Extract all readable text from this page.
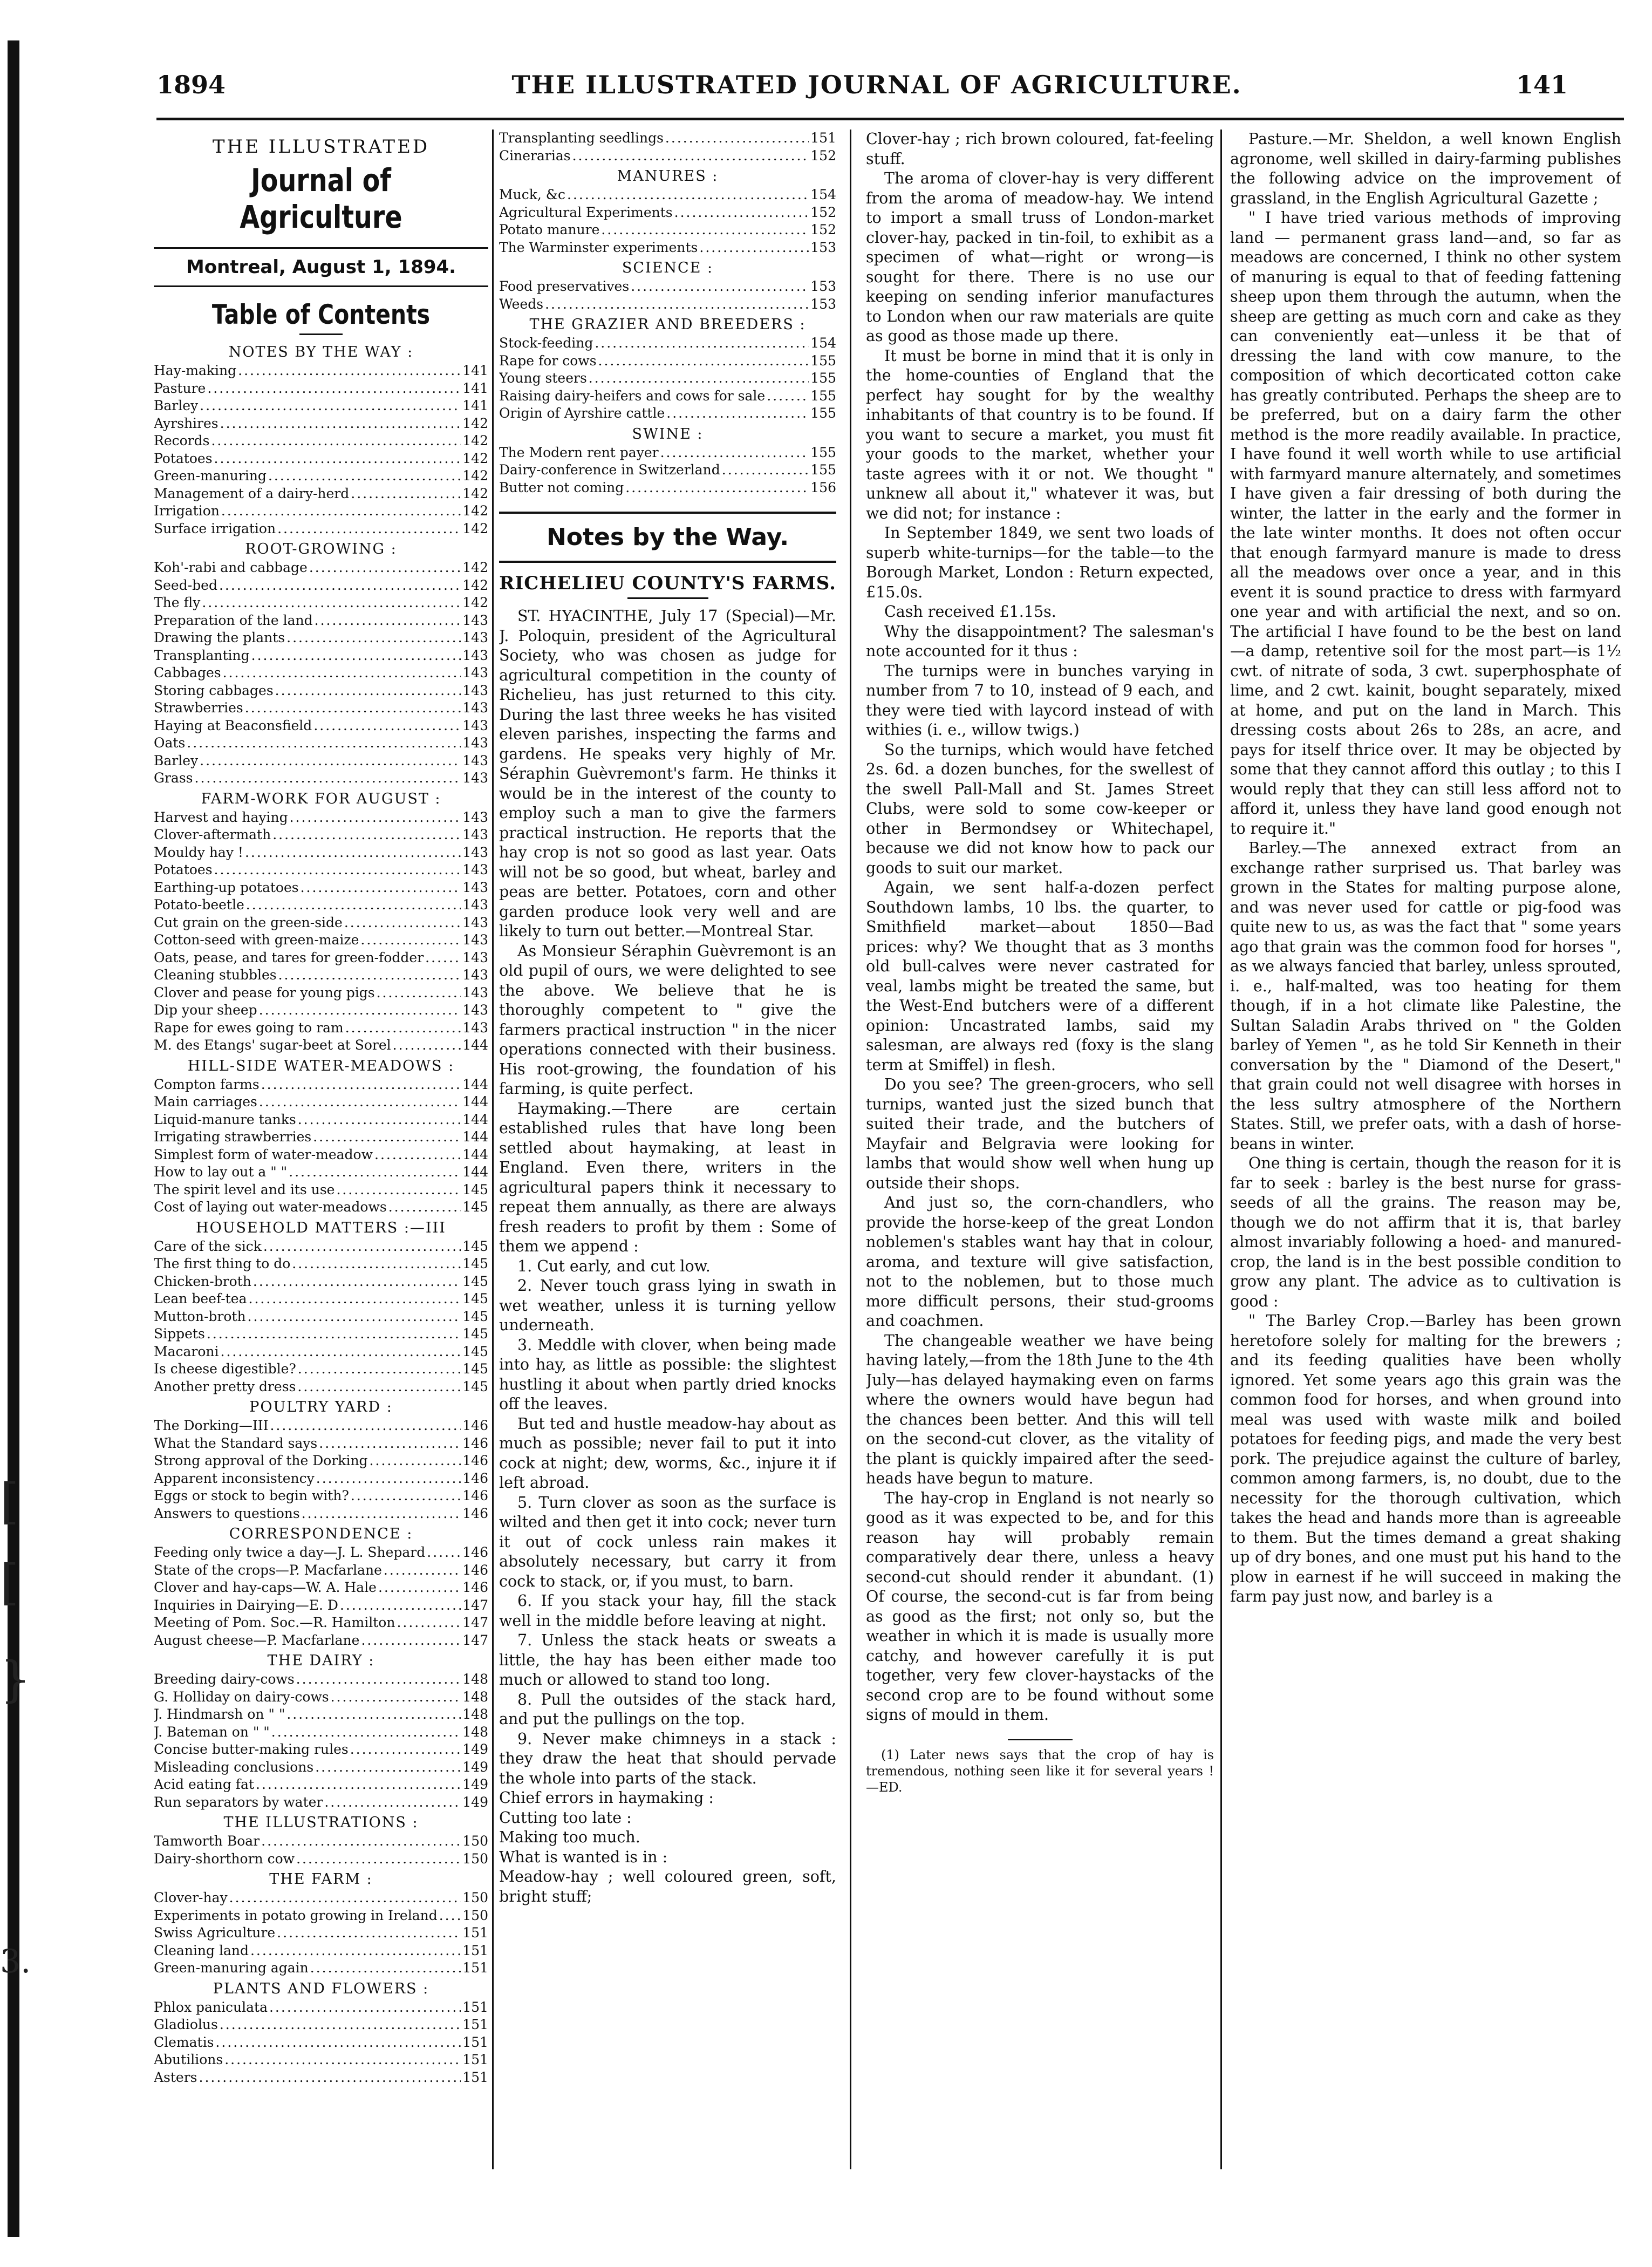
[
[
}
3.
1894	THE ILLUSTRATED JOURNAL OF AGRICULTURE.	141
THE ILLUSTRATED
Journal of Agriculture
Montreal, August 1, 1894.
Table of Contents
NOTES BY THE WAY :
Hay-making .....	141
Pasture .....	141
Barley .....	141
Ayrshires .....	142
Records .....	142
Potatoes .....	142
Green-manuring .....	142
Management of a dairy-herd .....	142
Irrigation .....	142
Surface irrigation .....	142
ROOT-GROWING :
Koh'-rabi and cabbage .....	142
Seed-bed .....	142
The fly .....	142
Preparation of the land .....	143
Drawing the plants .....	143
Transplanting .....	143
Cabbages .....	143
Storing cabbages .....	143
Strawberries .....	143
Haying at Beaconsfield .....	143
Oats .....	143
Barley .....	143
Grass .....	143
FARM-WORK FOR AUGUST :
Harvest and haying .....	143
Clover-aftermath .....	143
Mouldy hay ! .....	143
Potatoes .....	143
Earthing-up potatoes .....	143
Potato-beetle .....	143
Cut grain on the green-side .....	143
Cotton-seed with green-maize .....	143
Oats, pease, and tares for green-fodder .....	143
Cleaning stubbles .....	143
Clover and pease for young pigs .....	143
Dip your sheep .....	143
Rape for ewes going to ram .....	143
M. des Etangs' sugar-beet at Sorel .....	144
HILL-SIDE WATER-MEADOWS :
Compton farms .....	144
Main carriages .....	144
Liquid-manure tanks .....	144
Irrigating strawberries .....	144
Simplest form of water-meadow .....	144
How to lay out a " " .....	144
The spirit level and its use .....	145
Cost of laying out water-meadows .....	145
HOUSEHOLD MATTERS :—III
Care of the sick .....	145
The first thing to do .....	145
Chicken-broth .....	145
Lean beef-tea .....	145
Mutton-broth .....	145
Sippets .....	145
Macaroni .....	145
Is cheese digestible? .....	145
Another pretty dress .....	145
POULTRY YARD :
The Dorking—III .....	146
What the Standard says .....	146
Strong approval of the Dorking .....	146
Apparent inconsistency .....	146
Eggs or stock to begin with? .....	146
Answers to questions .....	146
CORRESPONDENCE :
Feeding only twice a day—J. L. Shepard .....	146
State of the crops—P. Macfarlane .....	146
Clover and hay-caps—W. A. Hale .....	146
Inquiries in Dairying—E. D .....	147
Meeting of Pom. Soc.—R. Hamilton .....	147
August cheese—P. Macfarlane .....	147
THE DAIRY :
Breeding dairy-cows .....	148
G. Holliday on dairy-cows .....	148
J. Hindmarsh on " " .....	148
J. Bateman on " " .....	148
Concise butter-making rules .....	149
Misleading conclusions .....	149
Acid eating fat .....	149
Run separators by water .....	149
THE ILLUSTRATIONS :
Tamworth Boar .....	150
Dairy-shorthorn cow .....	150
THE FARM :
Clover-hay .....	150
Experiments in potato growing in Ireland ..... 150
Swiss Agriculture .....	151
Cleaning land .....	151
Green-manuring again .....	151
PLANTS AND FLOWERS :
Phlox paniculata .....	151
Gladiolus .....	151
Clematis .....	151
Abutilions .....	151
Asters .....	151
Transplanting seedlings .....	151
Cinerarias .....	152
MANURES :
Muck, &c .....	154
Agricultural Experiments .....	152
Potato manure .....	152
The Warminster experiments .....	153
SCIENCE :
Food preservatives .....	153
Weeds .....	153
THE GRAZIER AND BREEDERS :
Stock-feeding .....	154
Rape for cows .....	155
Young steers .....	155
Raising dairy-heifers and cows for sale .....	155
Origin of Ayrshire cattle .....	155
SWINE :
The Modern rent payer .....	155
Dairy-conference in Switzerland .....	155
Butter not coming .....	156
Notes by the Way.
RICHELIEU COUNTY'S FARMS.

ST. HYACINTHE, July 17 (Special)—Mr. J. Poloquin, president of the Agricultural Society, who was chosen as judge for agricultural competition in the county of Richelieu, has just returned to this city. During the last three weeks he has visited eleven parishes, inspecting the farms and gardens. He speaks very highly of Mr. Séraphin Guèvremont's farm. He thinks it would be in the interest of the county to employ such a man to give the farmers practical instruction. He reports that the hay crop is not so good as last year. Oats will not be so good, but wheat, barley and peas are better. Potatoes, corn and other garden produce look very well and are likely to turn out better.—Montreal Star.

As Monsieur Séraphin Guèvremont is an old pupil of ours, we were delighted to see the above. We believe that he is thoroughly competent to " give the farmers practical instruction " in the nicer operations connected with their business. His root-growing, the foundation of his farming, is quite perfect.

Haymaking.—There are certain established rules that have long been settled about haymaking, at least in England. Even there, writers in the agricultural papers think it necessary to repeat them annually, as there are always fresh readers to profit by them : Some of them we append :

1. Cut early, and cut low.

2. Never touch grass lying in swath in wet weather, unless it is turning yellow underneath.

3. Meddle with clover, when being made into hay, as little as possible: the slightest hustling it about when partly dried knocks off the leaves.

But ted and hustle meadow-hay about as much as possible; never fail to put it into cock at night; dew, worms, &c., injure it if left abroad.

5. Turn clover as soon as the surface is wilted and then get it into cock; never turn it out of cock unless rain makes it absolutely necessary, but carry it from cock to stack, or, if you must, to barn.

6. If you stack your hay, fill the stack well in the middle before leaving at night.

7. Unless the stack heats or sweats a little, the hay has been either made too much or allowed to stand too long.

8. Pull the outsides of the stack hard, and put the pullings on the top.

9. Never make chimneys in a stack : they draw the heat that should pervade the whole into parts of the stack.

Chief errors in haymaking :

Cutting too late :

Making too much.

What is wanted is in :

Meadow-hay ; well coloured green, soft, bright stuff;

Clover-hay ; rich brown coloured, fat-feeling stuff.

The aroma of clover-hay is very different from the aroma of meadow-hay. We intend to import a small truss of London-market clover-hay, packed in tin-foil, to exhibit as a specimen of what—right or wrong—is sought for there. There is no use our keeping on sending inferior manufactures to London when our raw materials are quite as good as those made up there.

It must be borne in mind that it is only in the home-counties of England that the perfect hay sought for by the wealthy inhabitants of that country is to be found. If you want to secure a market, you must fit your goods to the market, whether your taste agrees with it or not. We thought " unknew all about it," whatever it was, but we did not; for instance :

In September 1849, we sent two loads of superb white-turnips—for the table—to the Borough Market, London : Return expected, £15.0s.

Cash received £1.15s.

Why the disappointment? The salesman's note accounted for it thus :

The turnips were in bunches varying in number from 7 to 10, instead of 9 each, and they were tied with laycord instead of with withies (i. e., willow twigs.)

So the turnips, which would have fetched 2s. 6d. a dozen bunches, for the swellest of the swell Pall-Mall and St. James Street Clubs, were sold to some cow-keeper or other in Bermondsey or Whitechapel, because we did not know how to pack our goods to suit our market.

Again, we sent half-a-dozen perfect Southdown lambs, 10 lbs. the quarter, to Smithfield market—about 1850—Bad prices: why? We thought that as 3 months old bull-calves were never castrated for veal, lambs might be treated the same, but the West-End butchers were of a different opinion: Uncastrated lambs, said my salesman, are always red (foxy is the slang term at Smiffel) in flesh.

Do you see? The green-grocers, who sell turnips, wanted just the sized bunch that suited their trade, and the butchers of Mayfair and Belgravia were looking for lambs that would show well when hung up outside their shops.

And just so, the corn-chandlers, who provide the horse-keep of the great London noblemen's stables want hay that in colour, aroma, and texture will give satisfaction, not to the noblemen, but to those much more difficult persons, their stud-grooms and coachmen.

The changeable weather we have being having lately,—from the 18th June to the 4th July—has delayed haymaking even on farms where the owners would have begun had the chances been better. And this will tell on the second-cut clover, as the vitality of the plant is quickly impaired after the seed-heads have begun to mature.

The hay-crop in England is not nearly so good as it was expected to be, and for this reason hay will probably remain comparatively dear there, unless a heavy second-cut should render it abundant. (1) Of course, the second-cut is far from being as good as the first; not only so, but the weather in which it is made is usually more catchy, and however carefully it is put together, very few clover-haystacks of the second crop are to be found without some signs of mould in them.

(1) Later news says that the crop of hay is tremendous, nothing seen like it for several years !—ED.

Pasture.—Mr. Sheldon, a well known English agronome, well skilled in dairy-farming publishes the following advice on the improvement of grassland, in the English Agricultural Gazette ;

" I have tried various methods of improving land — permanent grass land—and, so far as meadows are concerned, I think no other system of manuring is equal to that of feeding fattening sheep upon them through the autumn, when the sheep are getting as much corn and cake as they can conveniently eat—unless it be that of dressing the land with cow manure, to the composition of which decorticated cotton cake has greatly contributed. Perhaps the sheep are to be preferred, but on a dairy farm the other method is the more readily available. In practice, I have found it well worth while to use artificial with farmyard manure alternately, and sometimes I have given a fair dressing of both during the winter, the latter in the early and the former in the late winter months. It does not often occur that enough farmyard manure is made to dress all the meadows over once a year, and in this event it is sound practice to dress with farmyard one year and with artificial the next, and so on. The artificial I have found to be the best on land—a damp, retentive soil for the most part—is 1½ cwt. of nitrate of soda, 3 cwt. superphosphate of lime, and 2 cwt. kainit, bought separately, mixed at home, and put on the land in March. This dressing costs about 26s to 28s, an acre, and pays for itself thrice over. It may be objected by some that they cannot afford this outlay ; to this I would reply that they can still less afford not to afford it, unless they have land good enough not to require it."

Barley.—The annexed extract from an exchange rather surprised us. That barley was grown in the States for malting purpose alone, and was never used for cattle or pig-food was quite new to us, as was the fact that " some years ago that grain was the common food for horses ", as we always fancied that barley, unless sprouted, i. e., half-malted, was too heating for them though, if in a hot climate like Palestine, the Sultan Saladin Arabs thrived on " the Golden barley of Yemen ", as he told Sir Kenneth in their conversation by the " Diamond of the Desert," that grain could not well disagree with horses in the less sultry atmosphere of the Northern States. Still, we prefer oats, with a dash of horse-beans in winter.

One thing is certain, though the reason for it is far to seek : barley is the best nurse for grass-seeds of all the grains. The reason may be, though we do not affirm that it is, that barley almost invariably following a hoed- and manured-crop, the land is in the best possible condition to grow any plant. The advice as to cultivation is good :

" The Barley Crop.—Barley has been grown heretofore solely for malting for the brewers ; and its feeding qualities have been wholly ignored. Yet some years ago this grain was the common food for horses, and when ground into meal was used with waste milk and boiled potatoes for feeding pigs, and made the very best pork. The prejudice against the culture of barley, common among farmers, is, no doubt, due to the necessity for the thorough cultivation, which takes the head and hands more than is agreeable to them. But the times demand a great shaking up of dry bones, and one must put his hand to the plow in earnest if he will succeed in making the farm pay just now, and barley is a
